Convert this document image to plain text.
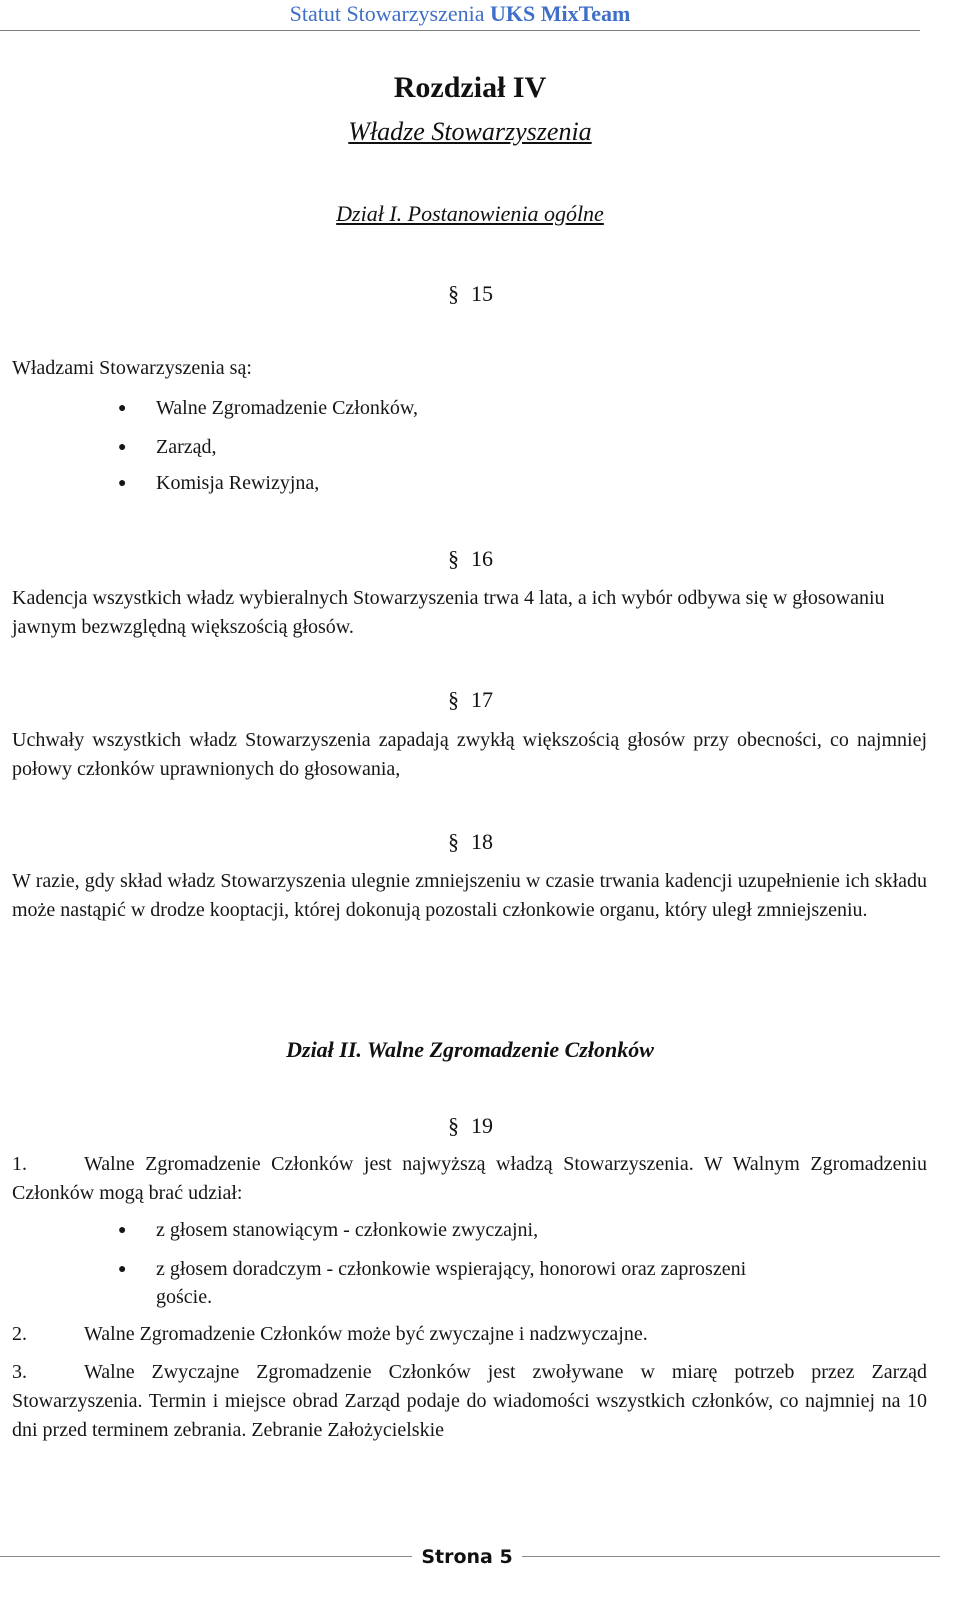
Statut Stowarzyszenia UKS MixTeam
Rozdział IV
Władze Stowarzyszenia
Dział I. Postanowienia ogólne
§ 15
Władzami Stowarzyszenia są:
● Walne Zgromadzenie Członków,
● Zarząd,
● Komisja Rewizyjna,
§ 16
Kadencja wszystkich władz wybieralnych Stowarzyszenia trwa 4 lata, a ich wybór odbywa się w głosowaniu jawnym bezwzględną większością głosów.
§ 17
Uchwały wszystkich władz Stowarzyszenia zapadają zwykłą większością głosów przy obecności, co najmniej połowy członków uprawnionych do głosowania,
§ 18
W razie, gdy skład władz Stowarzyszenia ulegnie zmniejszeniu w czasie trwania kadencji uzupełnienie ich składu może nastąpić w drodze kooptacji, której dokonują pozostali członkowie organu, który uległ zmniejszeniu.
Dział II. Walne Zgromadzenie Członków
§ 19
1.	Walne Zgromadzenie Członków jest najwyższą władzą Stowarzyszenia. W Walnym Zgromadzeniu Członków mogą brać udział:
● z głosem stanowiącym - członkowie zwyczajni,
● z głosem doradczym - członkowie wspierający, honorowi oraz zaproszeni
goście.
2.	Walne Zgromadzenie Członków może być zwyczajne i nadzwyczajne.
3.	Walne Zwyczajne Zgromadzenie Członków jest zwoływane w miarę potrzeb przez Zarząd Stowarzyszenia. Termin i miejsce obrad Zarząd podaje do wiadomości wszystkich członków, co najmniej na 10 dni przed terminem zebrania. Zebranie Założycielskie
Strona 5
